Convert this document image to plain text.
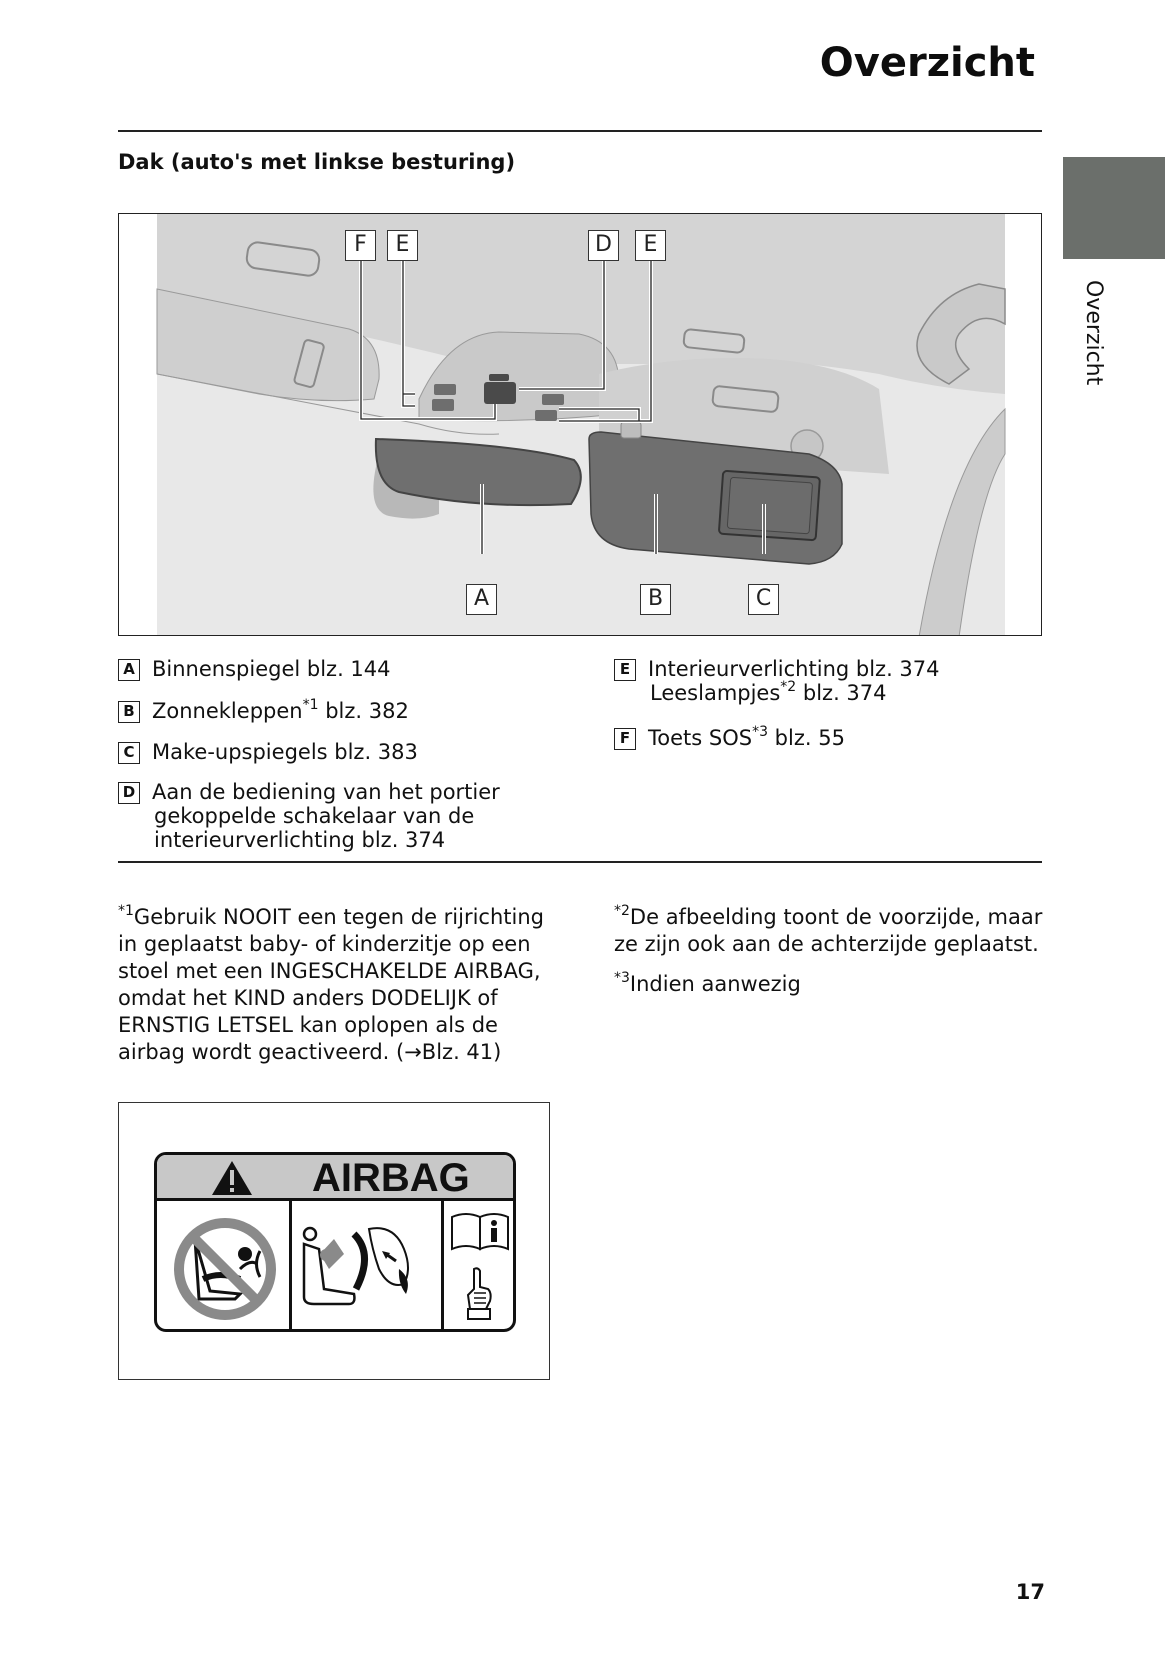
Overzicht
Overzicht
Dak (auto's met linkse besturing)
F	E	D	E
A	B	C
A Binnenspiegel blz. 144
B Zonnekleppen$^{*1}$ blz. 382
C Make-upspiegels blz. 383
D Aan de bediening van het portier
gekoppelde schakelaar van de
interieurverlichting blz. 374
E Interieurverlichting blz. 374
Leeslampjes$^{*2}$ blz. 374
F Toets SOS$^{*3}$ blz. 55
$^{*1}$Gebruik NOOIT een tegen de rijrichting
in geplaatst baby- of kinderzitje op een
stoel met een INGESCHAKELDE AIRBAG,
omdat het KIND anders DODELIJK of
ERNSTIG LETSEL kan oplopen als de
airbag wordt geactiveerd. (→Blz. 41)
$^{*2}$De afbeelding toont de voorzijde, maar
ze zijn ook aan de achterzijde geplaatst.
$^{*3}$Indien aanwezig
AIRBAG
17
